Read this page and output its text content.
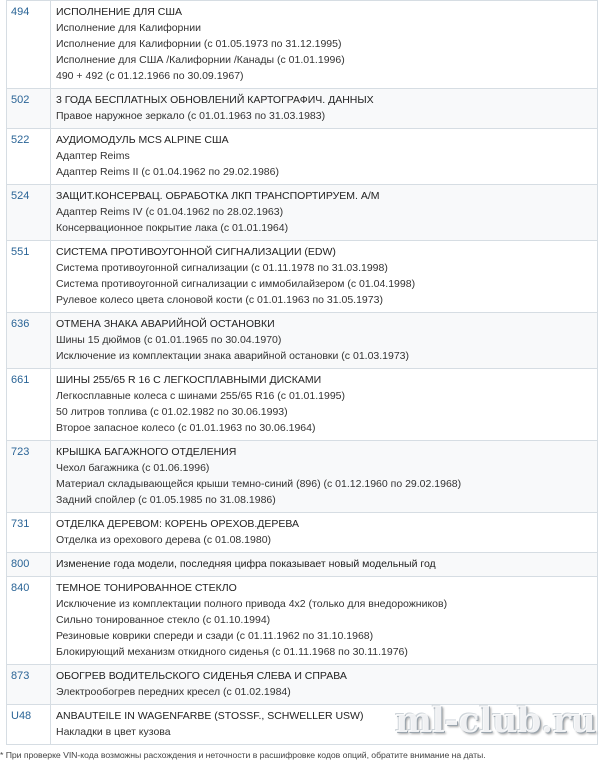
494	ИСПОЛНЕНИЕ ДЛЯ США
Исполнение для Калифорнии
Исполнение для Калифорнии (с 01.05.1973 по 31.12.1995)
Исполнение для США /Калифорнии /Канады (с 01.01.1996)
490 + 492 (с 01.12.1966 по 30.09.1967)

502	3 ГОДА БЕСПЛАТНЫХ ОБНОВЛЕНИЙ КАРТОГРАФИЧ. ДАННЫХ
Правое наружное зеркало (с 01.01.1963 по 31.03.1983)

522	АУДИОМОДУЛЬ MCS ALPINE США
Адаптер Reims
Адаптер Reims II (с 01.04.1962 по 29.02.1986)

524	ЗАЩИТ.КОНСЕРВАЦ. ОБРАБОТКА ЛКП ТРАНСПОРТИРУЕМ. А/М
Адаптер Reims IV (с 01.04.1962 по 28.02.1963)
Консервационное покрытие лака (с 01.01.1964)

551	СИСТЕМА ПРОТИВОУГОННОЙ СИГНАЛИЗАЦИИ (EDW)
Система противоугонной сигнализации (с 01.11.1978 по 31.03.1998)
Система противоугонной сигнализации с иммобилайзером (с 01.04.1998)
Рулевое колесо цвета слоновой кости (с 01.01.1963 по 31.05.1973)

636	ОТМЕНА ЗНАКА АВАРИЙНОЙ ОСТАНОВКИ
Шины 15 дюймов (с 01.01.1965 по 30.04.1970)
Исключение из комплектации знака аварийной остановки (с 01.03.1973)

661	ШИНЫ 255/65 R 16 С ЛЕГКОСПЛАВНЫМИ ДИСКАМИ
Легкосплавные колеса с шинами 255/65 R16 (с 01.01.1995)
50 литров топлива (с 01.02.1982 по 30.06.1993)
Второе запасное колесо (с 01.01.1963 по 30.06.1964)

723	КРЫШКА БАГАЖНОГО ОТДЕЛЕНИЯ
Чехол багажника (с 01.06.1996)
Материал складывающейся крыши темно-синий (896) (с 01.12.1960 по 29.02.1968)
Задний спойлер (с 01.05.1985 по 31.08.1986)

731	ОТДЕЛКА ДЕРЕВОМ: КОРЕНЬ ОРЕХОВ.ДЕРЕВА
Отделка из орехового дерева (с 01.08.1980)

800	Изменение года модели, последняя цифра показывает новый модельный год

840	ТЕМНОЕ ТОНИРОВАННОЕ СТЕКЛО
Исключение из комплектации полного привода 4х2 (только для внедорожников)
Сильно тонированное стекло (с 01.10.1994)
Резиновые коврики спереди и сзади (с 01.11.1962 по 31.10.1968)
Блокирующий механизм откидного сиденья (с 01.11.1968 по 30.11.1976)

873	ОБОГРЕВ ВОДИТЕЛЬСКОГО СИДЕНЬЯ СЛЕВА И СПРАВА
Электрообогрев передних кресел (с 01.02.1984)

U48	ANBAUTEILE IN WAGENFARBE (STOSSF., SCHWELLER USW)
Накладки в цвет кузова
* При проверке VIN-кода возможны расхождения и неточности в расшифровке кодов опций, обратите внимание на даты.
ml-club.ru
